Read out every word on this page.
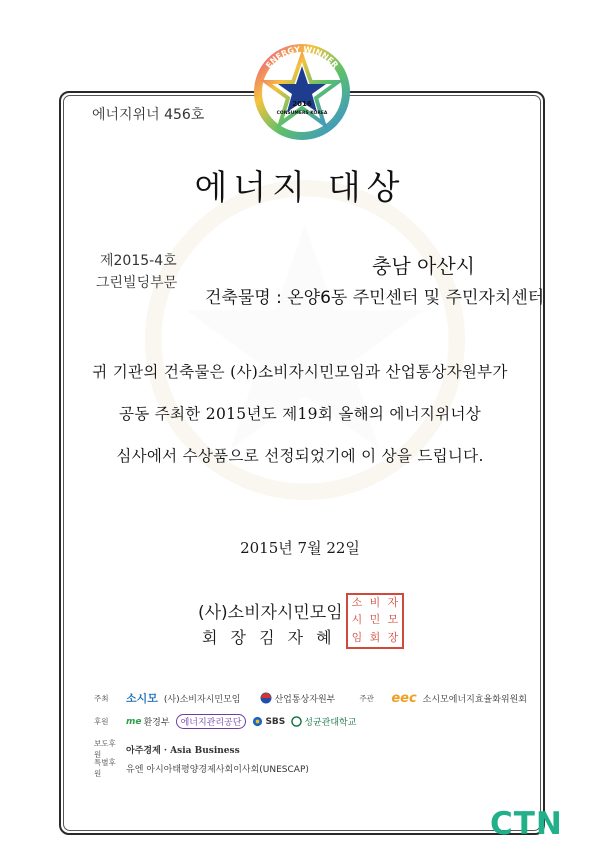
ENERGY WINNER
2016
CONSUMERS KOREA
에너지위너상
에너지위너 456호
에너지 대상
제2015-4호
그린빌딩부문
충남 아산시
건축물명 : 온양6동 주민센터 및 주민자치센터
귀 기관의 건축물은 (사)소비자시민모임과 산업통상자원부가
공동 주최한 2015년도 제19회 올해의 에너지위너상
심사에서 수상품으로 선정되었기에 이 상을 드립니다.
2015년 7월 22일
(사)소비자시민모임
회 장 김 자 혜
소 비 자
시 민 모
임 회 장
주최	소시모 (사)소비자시민모임	산업통상자원부	주관	eec 소시모에너지효율화위원회
후원	me 환경부 에너지관리공단	SBS 성균관대학교
보도후원	아주경제 · Asia Business
특별후원	유엔 아시아태평양경제사회이사회(UNESCAP)
CTN
